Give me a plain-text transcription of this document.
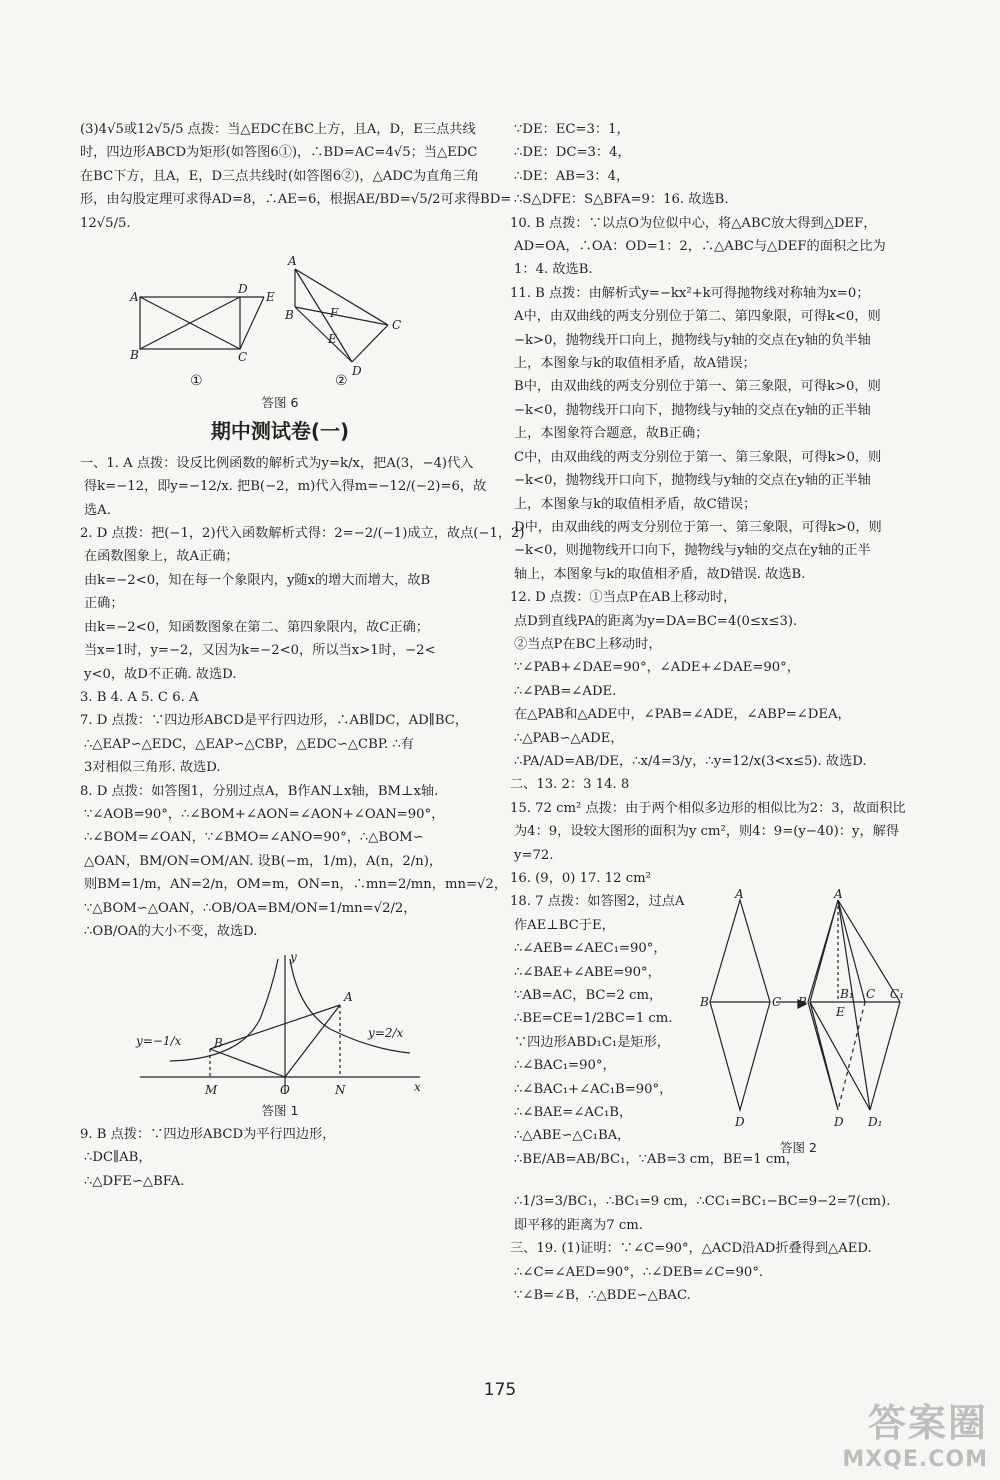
(3)4√5或12√5/5 点拨：当△EDC在BC上方，且A，D，E三点共线
时，四边形ABCD为矩形(如答图6①)，∴BD=AC=4√5；当△EDC
在BC下方，且A，E，D三点共线时(如答图6②)，△ADC为直角三角
形，由勾股定理可求得AD=8，∴AE=6，根据AE/BD=√5/2可求得BD=
12√5/5.
A
B
D
C
E
A
B
C
D
F
E
①	②
答图 6
期中测试卷(一)
一、1. A 点拨：设反比例函数的解析式为y=k/x，把A(3，−4)代入
得k=−12，即y=−12/x. 把B(−2，m)代入得m=−12/(−2)=6，故
选A.
2. D 点拨：把(−1，2)代入函数解析式得：2=−2/(−1)成立，故点(−1，2)
在函数图象上，故A正确；
由k=−2<0，知在每一个象限内，y随x的增大而增大，故B
正确；
由k=−2<0，知函数图象在第二、第四象限内，故C正确；
当x=1时，y=−2，又因为k=−2<0，所以当x>1时，−2<
y<0，故D不正确. 故选D.
3. B 4. A 5. C 6. A
7. D 点拨：∵四边形ABCD是平行四边形，∴AB∥DC，AD∥BC，
∴△EAP∽△EDC，△EAP∽△CBP，△EDC∽△CBP. ∴有
3对相似三角形. 故选D.
8. D 点拨：如答图1，分别过点A，B作AN⊥x轴，BM⊥x轴.
∵∠AOB=90°，∴∠BOM+∠AON=∠AON+∠OAN=90°，
∴∠BOM=∠OAN，∵∠BMO=∠ANO=90°，∴△BOM∽
△OAN，BM/ON=OM/AN. 设B(−m，1/m)，A(n，2/n)，
则BM=1/m，AN=2/n，OM=m，ON=n，∴mn=2/mn，mn=√2，
∵△BOM∽△OAN，∴OB/OA=BM/ON=1/mn=√2/2，
∴OB/OA的大小不变，故选D.
y
x
O
M	N
A
B
y=−1/x
y=2/x
答图 1
9. B 点拨：∵四边形ABCD为平行四边形，
∴DC∥AB，
∴△DFE∽△BFA.
∵DE：EC=3：1，
∴DE：DC=3：4，
∴DE：AB=3：4，
∴S△DFE：S△BFA=9：16. 故选B.
10. B 点拨：∵以点O为位似中心，将△ABC放大得到△DEF，
AD=OA，∴OA：OD=1：2，∴△ABC与△DEF的面积之比为
1：4. 故选B.
11. B 点拨：由解析式y=−kx²+k可得抛物线对称轴为x=0；
A中，由双曲线的两支分别位于第二、第四象限，可得k<0，则
−k>0，抛物线开口向上，抛物线与y轴的交点在y轴的负半轴
上，本图象与k的取值相矛盾，故A错误；
B中，由双曲线的两支分别位于第一、第三象限，可得k>0，则
−k<0，抛物线开口向下，抛物线与y轴的交点在y轴的正半轴
上，本图象符合题意，故B正确；
C中，由双曲线的两支分别位于第一、第三象限，可得k>0，则
−k<0，抛物线开口向下，抛物线与y轴的交点在y轴的正半轴
上，本图象与k的取值相矛盾，故C错误；
D中，由双曲线的两支分别位于第一、第三象限，可得k>0，则
−k<0，则抛物线开口向下，抛物线与y轴的交点在y轴的正半
轴上，本图象与k的取值相矛盾，故D错误. 故选B.
12. D 点拨：①当点P在AB上移动时，
点D到直线PA的距离为y=DA=BC=4(0≤x≤3).
②当点P在BC上移动时，
∵∠PAB+∠DAE=90°，∠ADE+∠DAE=90°，
∴∠PAB=∠ADE.
在△PAB和△ADE中，∠PAB=∠ADE，∠ABP=∠DEA，
∴△PAB∽△ADE，
∴PA/AD=AB/DE，∴x/4=3/y，∴y=12/x(3<x≤5). 故选D.
二、13. 2：3 14. 8
15. 72 cm² 点拨：由于两个相似多边形的相似比为2：3，故面积比
为4：9，设较大图形的面积为y cm²，则4：9=(y−40)：y，解得
y=72.
16. (9，0) 17. 12 cm²
18. 7 点拨：如答图2，过点A
作AE⊥BC于E，
∴∠AEB=∠AEC₁=90°，
∴∠BAE+∠ABE=90°，
∵AB=AC，BC=2 cm，
∴BE=CE=1/2BC=1 cm.
∵四边形ABD₁C₁是矩形，
∴∠BAC₁=90°，
∴∠BAC₁+∠AC₁B=90°，
∴∠BAE=∠AC₁B，
∴△ABE∽△C₁BA，
∴BE/AB=AB/BC₁，∵AB=3 cm，BE=1 cm，
A
B	C
D
A
B
B₁ C C₁
E
D D₁
答图 2
∴1/3=3/BC₁，∴BC₁=9 cm，∴CC₁=BC₁−BC=9−2=7(cm).
即平移的距离为7 cm.
三、19. (1)证明：∵∠C=90°，△ACD沿AD折叠得到△AED.
∴∠C=∠AED=90°，∴∠DEB=∠C=90°.
∵∠B=∠B，∴△BDE∽△BAC.
175
答案圈
MXQE.COM
